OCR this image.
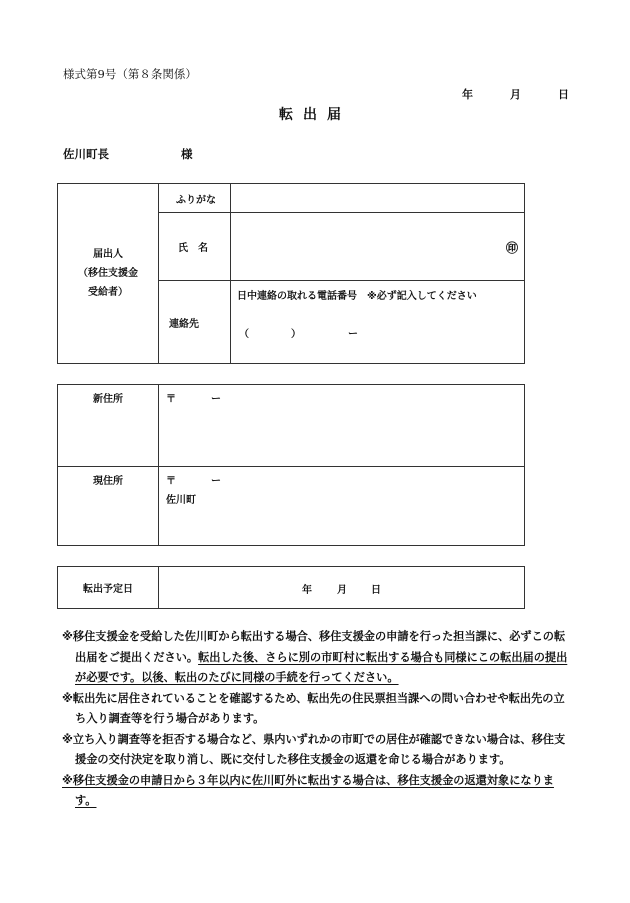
様式第9号（第８条関係）
年	月	日
転出届
佐川町長	様
届出人
（移住支援金
受給者）	ふりがな	
	氏　名	㊞

	連絡先	日中連絡の取れる電話番号　※必ず記入してください
（ ） ー
新住所	〒 ー

現住所	〒 ー
佐川町
転出予定日	年	月 日
※移住支援金を受給した佐川町から転出する場合、移住支援金の申請を行った担当課に、必ずこの転出届をご提出ください。転出した後、さらに別の市町村に転出する場合も同様にこの転出届の提出が必要です。以後、転出のたびに同様の手続を行ってください。
※転出先に居住されていることを確認するため、転出先の住民票担当課への問い合わせや転出先の立ち入り調査等を行う場合があります。
※立ち入り調査等を拒否する場合など、県内いずれかの市町での居住が確認できない場合は、移住支援金の交付決定を取り消し、既に交付した移住支援金の返還を命じる場合があります。
※移住支援金の申請日から３年以内に佐川町外に転出する場合は、移住支援金の返還対象になります。
